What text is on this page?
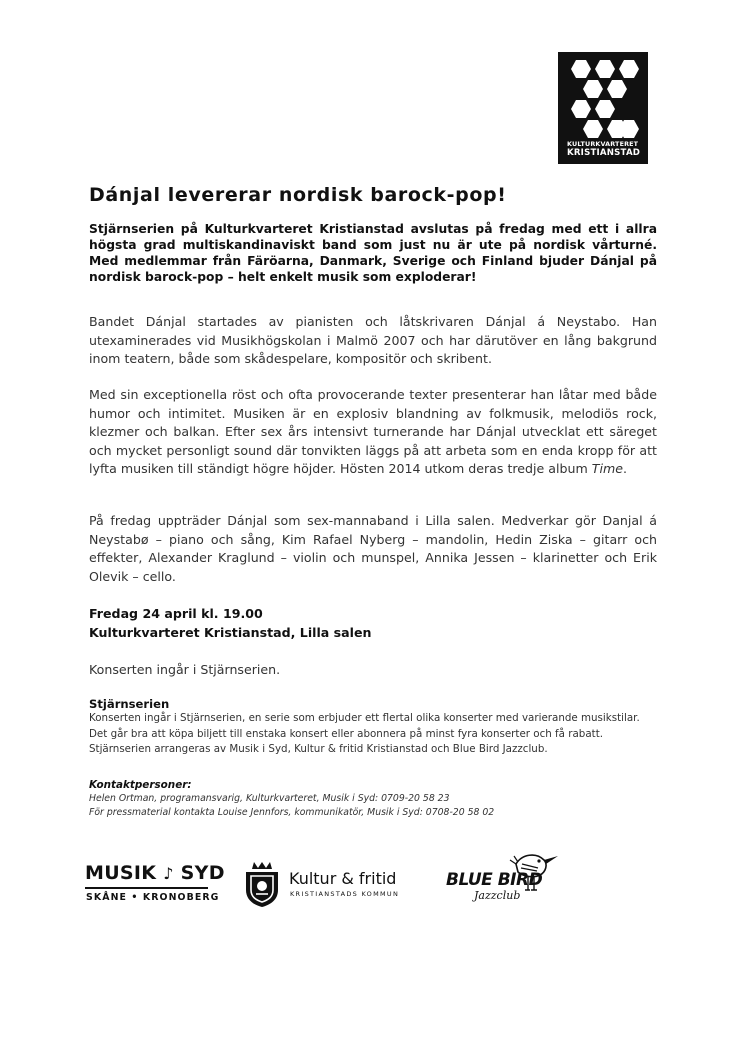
KULTURKVARTERET
KRISTIANSTAD
Dánjal levererar nordisk barock-pop!
Stjärnserien på Kulturkvarteret Kristianstad avslutas på fredag med ett i allra högsta grad multiskandinaviskt band som just nu är ute på nordisk vårturné. Med medlemmar från Färöarna, Danmark, Sverige och Finland bjuder Dánjal på nordisk barock-pop – helt enkelt musik som exploderar!
Bandet Dánjal startades av pianisten och låtskrivaren Dánjal á Neystabo. Han utexaminerades vid Musikhögskolan i Malmö 2007 och har därutöver en lång bakgrund inom teatern, både som skådespelare, kompositör och skribent.
Med sin exceptionella röst och ofta provocerande texter presenterar han låtar med både humor och intimitet. Musiken är en explosiv blandning av folkmusik, melodiös rock, klezmer och balkan. Efter sex års intensivt turnerande har Dánjal utvecklat ett säreget och mycket personligt sound där tonvikten läggs på att arbeta som en enda kropp för att lyfta musiken till ständigt högre höjder. Hösten 2014 utkom deras tredje album Time.
På fredag uppträder Dánjal som sex-mannaband i Lilla salen. Medverkar gör Danjal á Neystabø – piano och sång, Kim Rafael Nyberg – mandolin, Hedin Ziska – gitarr och effekter, Alexander Kraglund – violin och munspel, Annika Jessen – klarinetter och Erik Olevik – cello.
Fredag 24 april kl. 19.00
Kulturkvarteret Kristianstad, Lilla salen
Konserten ingår i Stjärnserien.
Stjärnserien
Konserten ingår i Stjärnserien, en serie som erbjuder ett flertal olika konserter med varierande musikstilar. Det går bra att köpa biljett till enstaka konsert eller abonnera på minst fyra konserter och få rabatt. Stjärnserien arrangeras av Musik i Syd, Kultur & fritid Kristianstad och Blue Bird Jazzclub.
Kontaktpersoner:
Helen Ortman, programansvarig, Kulturkvarteret, Musik i Syd: 0709-20 58 23
För pressmaterial kontakta Louise Jennfors, kommunikatör, Musik i Syd: 0708-20 58 02
MUSIK ♪ SYD
SKÅNE • KRONOBERG
Kultur & fritid
KRISTIANSTADS KOMMUN
BLUE BIRD
Jazzclub
